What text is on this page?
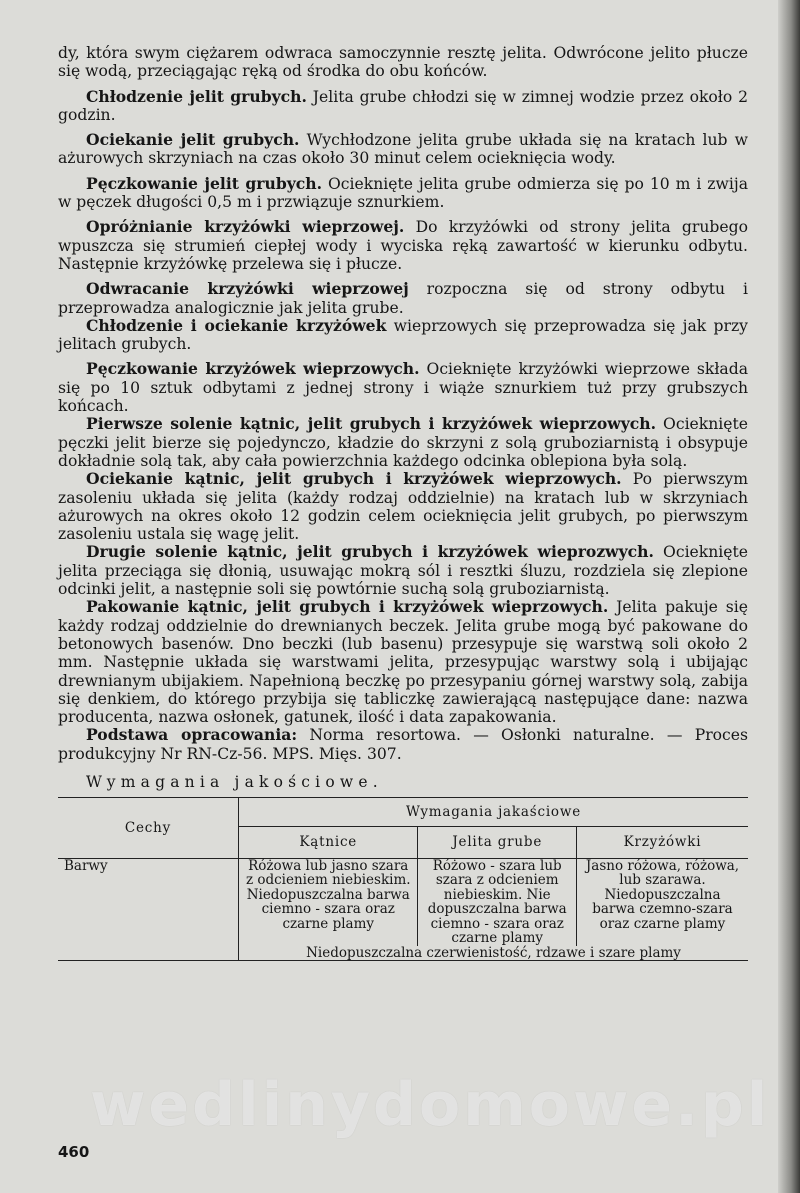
dy, która swym ciężarem odwraca samoczynnie resztę jelita. Odwrócone jelito płucze się wodą, przeciągając ręką od środka do obu końców.

Chłodzenie jelit grubych. Jelita grube chłodzi się w zimnej wodzie przez około 2 godzin.

Ociekanie jelit grubych. Wychłodzone jelita grube układa się na kratach lub w ażurowych skrzyniach na czas około 30 minut celem ocieknięcia wody.

Pęczkowanie jelit grubych. Ocieknięte jelita grube odmierza się po 10 m i zwija w pęczek długości 0,5 m i przwiązuje sznurkiem.

Opróżnianie krzyżówki wieprzowej. Do krzyżówki od strony jelita grubego wpuszcza się strumień ciepłej wody i wyciska ręką zawartość w kierunku odbytu. Następnie krzyżówkę przelewa się i płucze.

Odwracanie krzyżówki wieprzowej rozpoczna się od strony odbytu i przeprowadza analogicznie jak jelita grube.

Chłodzenie i ociekanie krzyżówek wieprzowych się przeprowadza się jak przy jelitach grubych.

Pęczkowanie krzyżówek wieprzowych. Ocieknięte krzyżówki wieprzowe składa się po 10 sztuk odbytami z jednej strony i wiąże sznurkiem tuż przy grubszych końcach.

Pierwsze solenie kątnic, jelit grubych i krzyżówek wieprzowych. Ocieknięte pęczki jelit bierze się pojedynczo, kładzie do skrzyni z solą gruboziarnistą i obsypuje dokładnie solą tak, aby cała powierzchnia każdego odcinka oblepiona była solą.

Ociekanie kątnic, jelit grubych i krzyżówek wieprzowych. Po pierwszym zasoleniu układa się jelita (każdy rodzaj oddzielnie) na kratach lub w skrzyniach ażurowych na okres około 12 godzin celem ocieknięcia jelit grubych, po pierwszym zasoleniu ustala się wagę jelit.

Drugie solenie kątnic, jelit grubych i krzyżówek wieprozwych. Ocieknięte jelita przeciąga się dłonią, usuwając mokrą sól i resztki śluzu, rozdziela się zlepione odcinki jelit, a następnie soli się powtórnie suchą solą gruboziarnistą.

Pakowanie kątnic, jelit grubych i krzyżówek wieprzowych. Jelita pakuje się każdy rodzaj oddzielnie do drewnianych beczek. Jelita grube mogą być pakowane do betonowych basenów. Dno beczki (lub basenu) przesypuje się warstwą soli około 2 mm. Następnie układa się warstwami jelita, przesypując warstwy solą i ubijając drewnianym ubijakiem. Napełnioną beczkę po przesypaniu górnej warstwy solą, zabija się denkiem, do którego przybija się tabliczkę zawierającą następujące dane: nazwa producenta, nazwa osłonek, gatunek, ilość i data zapakowania.

Podstawa opracowania: Norma resortowa. — Osłonki naturalne. — Proces produkcyjny Nr RN-Cz-56. MPS. Mięs. 307.

Wymagania jakościowe.
Cechy	Wymagania jakaściowe		
	Kątnice	Jelita grube	Krzyżówki
Barwy	Różowa lub jasno szara z odcieniem niebieskim. Niedopuszczalna barwa ciemno - szara oraz czarne plamy	Różowo - szara lub szara z odcieniem niebieskim. Nie dopuszczalna barwa ciemno - szara oraz czarne plamy	Jasno różowa, różowa, lub szarawa. Niedopuszczalna barwa czemno-szara oraz czarne plamy
	Niedopuszczalna czerwienistość, rdzawe i szare plamy		
wedlinydomowe.pl
460
